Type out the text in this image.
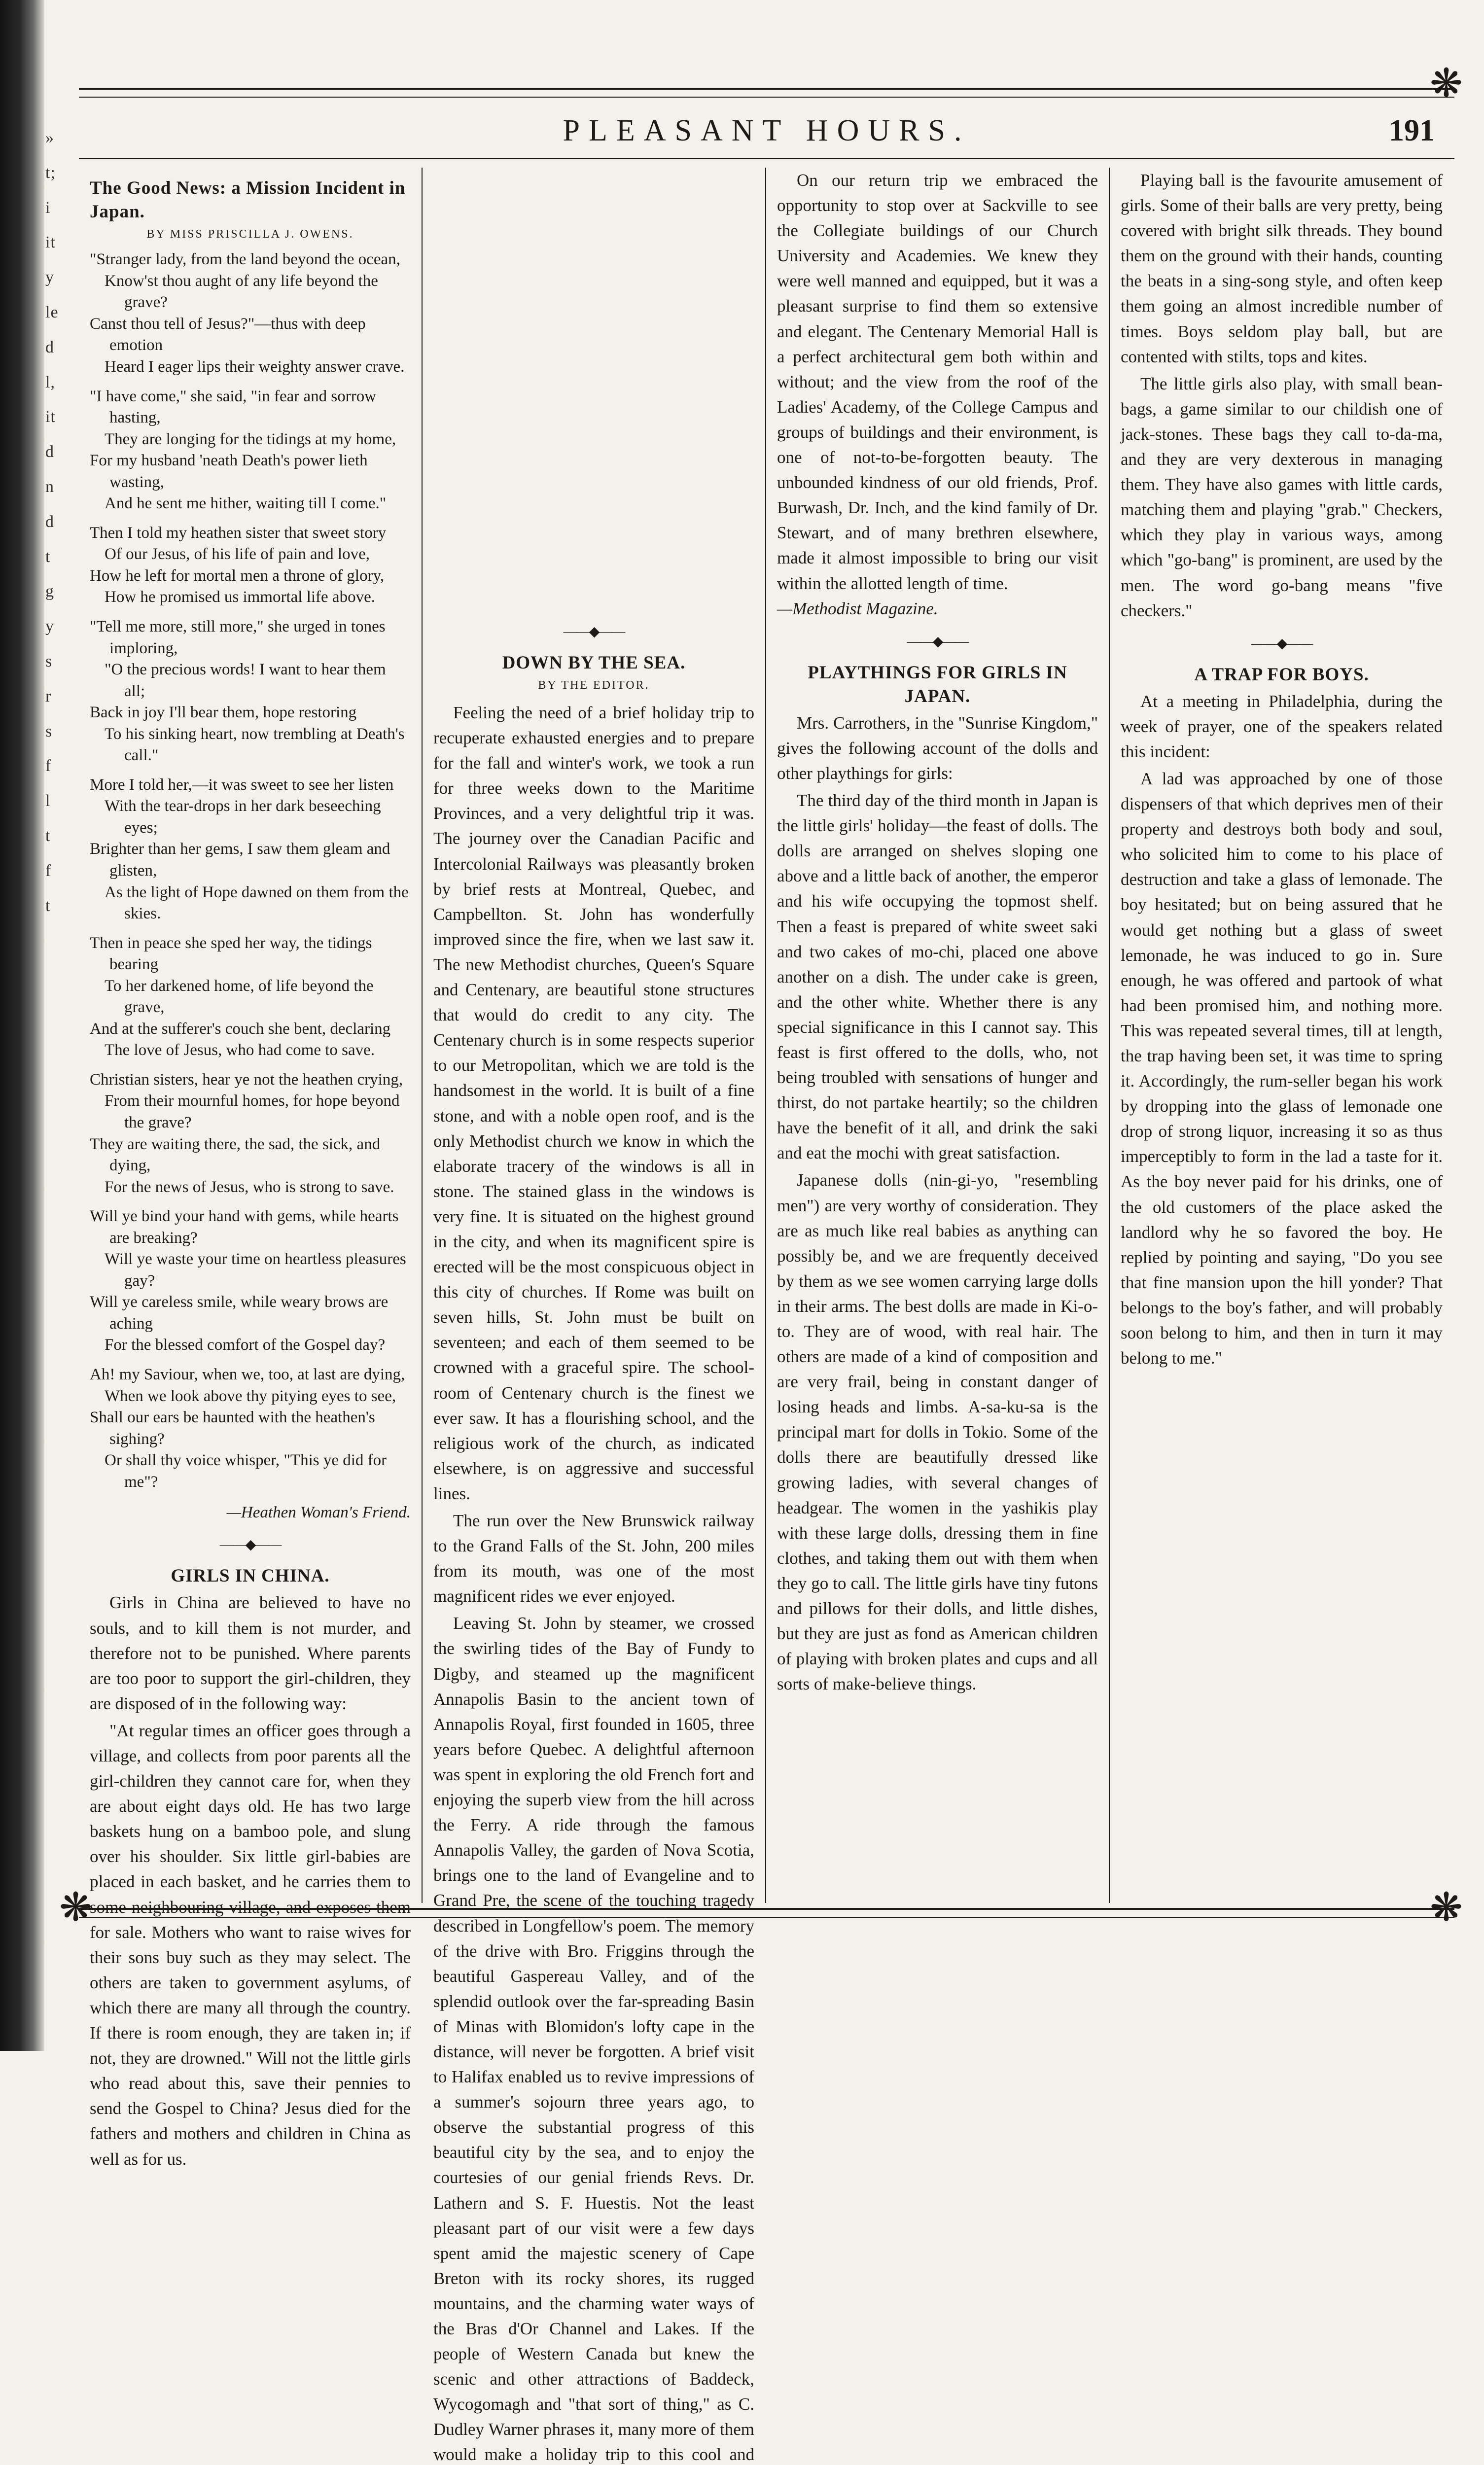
»
t;
i
it
y
le
d
l,
it
d
n
d
t
g
y
s
r
s
f
l
t
f
t
❋
PLEASANT HOURS.	191
The Good News: a Mission Incident in Japan.
BY MISS PRISCILLA J. OWENS.
"Stranger lady, from the land beyond the ocean,
Know'st thou aught of any life beyond the grave?
Canst thou tell of Jesus?"—thus with deep emotion
Heard I eager lips their weighty answer crave.
"I have come," she said, "in fear and sorrow hasting,
They are longing for the tidings at my home,
For my husband 'neath Death's power lieth wasting,
And he sent me hither, waiting till I come."
Then I told my heathen sister that sweet story
Of our Jesus, of his life of pain and love,
How he left for mortal men a throne of glory,
How he promised us immortal life above.
"Tell me more, still more," she urged in tones imploring,
"O the precious words! I want to hear them all;
Back in joy I'll bear them, hope restoring
To his sinking heart, now trembling at Death's call."
More I told her,—it was sweet to see her listen
With the tear-drops in her dark beseeching eyes;
Brighter than her gems, I saw them gleam and glisten,
As the light of Hope dawned on them from the skies.
Then in peace she sped her way, the tidings bearing
To her darkened home, of life beyond the grave,
And at the sufferer's couch she bent, declaring
The love of Jesus, who had come to save.
Christian sisters, hear ye not the heathen crying,
From their mournful homes, for hope beyond the grave?
They are waiting there, the sad, the sick, and dying,
For the news of Jesus, who is strong to save.
Will ye bind your hand with gems, while hearts are breaking?
Will ye waste your time on heartless pleasures gay?
Will ye careless smile, while weary brows are aching
For the blessed comfort of the Gospel day?
Ah! my Saviour, when we, too, at last are dying,
When we look above thy pitying eyes to see,
Shall our ears be haunted with the heathen's sighing?
Or shall thy voice whisper, "This ye did for me"?
—Heathen Woman's Friend.
——◆——
GIRLS IN CHINA.

Girls in China are believed to have no souls, and to kill them is not murder, and therefore not to be punished. Where parents are too poor to support the girl-children, they are disposed of in the following way:

"At regular times an officer goes through a village, and collects from poor parents all the girl-children they cannot care for, when they are about eight days old. He has two large baskets hung on a bamboo pole, and slung over his shoulder. Six little girl-babies are placed in each basket, and he carries them to some neighbouring village, and exposes them for sale. Mothers who want to raise wives for their sons buy such as they may select. The others are taken to government asylums, of which there are many all through the country. If there is room enough, they are taken in; if not, they are drowned." Will not the little girls who read about this, save their pennies to send the Gospel to China? Jesus died for the fathers and mothers and children in China as well as for us.

——◆——
DOWN BY THE SEA.
BY THE EDITOR.

Feeling the need of a brief holiday trip to recuperate exhausted energies and to prepare for the fall and winter's work, we took a run for three weeks down to the Maritime Provinces, and a very delightful trip it was. The journey over the Canadian Pacific and Intercolonial Railways was pleasantly broken by brief rests at Montreal, Quebec, and Campbellton. St. John has wonderfully improved since the fire, when we last saw it. The new Methodist churches, Queen's Square and Centenary, are beautiful stone structures that would do credit to any city. The Centenary church is in some respects superior to our Metropolitan, which we are told is the handsomest in the world. It is built of a fine stone, and with a noble open roof, and is the only Methodist church we know in which the elaborate tracery of the windows is all in stone. The stained glass in the windows is very fine. It is situated on the highest ground in the city, and when its magnificent spire is erected will be the most conspicuous object in this city of churches. If Rome was built on seven hills, St. John must be built on seventeen; and each of them seemed to be crowned with a graceful spire. The school-room of Centenary church is the finest we ever saw. It has a flourishing school, and the religious work of the church, as indicated elsewhere, is on aggressive and successful lines.

The run over the New Brunswick railway to the Grand Falls of the St. John, 200 miles from its mouth, was one of the most magnificent rides we ever enjoyed.

Leaving St. John by steamer, we crossed the swirling tides of the Bay of Fundy to Digby, and steamed up the magnificent Annapolis Basin to the ancient town of Annapolis Royal, first founded in 1605, three years before Quebec. A delightful afternoon was spent in exploring the old French fort and enjoying the superb view from the hill across the Ferry. A ride through the famous Annapolis Valley, the garden of Nova Scotia, brings one to the land of Evangeline and to Grand Pre, the scene of the touching tragedy described in Longfellow's poem. The memory of the drive with Bro. Friggins through the beautiful Gaspereau Valley, and of the splendid outlook over the far-spreading Basin of Minas with Blomidon's lofty cape in the distance, will never be forgotten. A brief visit to Halifax enabled us to revive impressions of a summer's sojourn three years ago, to observe the substantial progress of this beautiful city by the sea, and to enjoy the courtesies of our genial friends Revs. Dr. Lathern and S. F. Huestis. Not the least pleasant part of our visit were a few days spent amid the majestic scenery of Cape Breton with its rocky shores, its rugged mountains, and the charming water ways of the Bras d'Or Channel and Lakes. If the people of Western Canada but knew the scenic and other attractions of Baddeck, Wycogomagh and "that sort of thing," as C. Dudley Warner phrases it, many more of them would make a holiday trip to this cool and

On our return trip we embraced the opportunity to stop over at Sackville to see the Collegiate buildings of our Church University and Academies. We knew they were well manned and equipped, but it was a pleasant surprise to find them so extensive and elegant. The Centenary Memorial Hall is a perfect architectural gem both within and without; and the view from the roof of the Ladies' Academy, of the College Campus and groups of buildings and their environment, is one of not-to-be-forgotten beauty. The unbounded kindness of our old friends, Prof. Burwash, Dr. Inch, and the kind family of Dr. Stewart, and of many brethren elsewhere, made it almost impossible to bring our visit within the allotted length of time.

—Methodist Magazine.
——◆——
PLAYTHINGS FOR GIRLS IN JAPAN.

Mrs. Carrothers, in the "Sunrise Kingdom," gives the following account of the dolls and other playthings for girls:

The third day of the third month in Japan is the little girls' holiday—the feast of dolls. The dolls are arranged on shelves sloping one above and a little back of another, the emperor and his wife occupying the topmost shelf. Then a feast is prepared of white sweet saki and two cakes of mo-chi, placed one above another on a dish. The under cake is green, and the other white. Whether there is any special significance in this I cannot say. This feast is first offered to the dolls, who, not being troubled with sensations of hunger and thirst, do not partake heartily; so the children have the benefit of it all, and drink the saki and eat the mochi with great satisfaction.

Japanese dolls (nin-gi-yo, "resembling men") are very worthy of consideration. They are as much like real babies as anything can possibly be, and we are frequently deceived by them as we see women carrying large dolls in their arms. The best dolls are made in Ki-o-to. They are of wood, with real hair. The others are made of a kind of composition and are very frail, being in constant danger of losing heads and limbs. A-sa-ku-sa is the principal mart for dolls in Tokio. Some of the dolls there are beautifully dressed like growing ladies, with several changes of headgear. The women in the yashikis play with these large dolls, dressing them in fine clothes, and taking them out with them when they go to call. The little girls have tiny futons and pillows for their dolls, and little dishes, but they are just as fond as American children of playing with broken plates and cups and all sorts of make-believe things.

Playing ball is the favourite amusement of girls. Some of their balls are very pretty, being covered with bright silk threads. They bound them on the ground with their hands, counting the beats in a sing-song style, and often keep them going an almost incredible number of times. Boys seldom play ball, but are contented with stilts, tops and kites.

The little girls also play, with small bean-bags, a game similar to our childish one of jack-stones. These bags they call to-da-ma, and they are very dexterous in managing them. They have also games with little cards, matching them and playing "grab." Checkers, which they play in various ways, among which "go-bang" is prominent, are used by the men. The word go-bang means "five checkers."

——◆——
A TRAP FOR BOYS.

At a meeting in Philadelphia, during the week of prayer, one of the speakers related this incident:

A lad was approached by one of those dispensers of that which deprives men of their property and destroys both body and soul, who solicited him to come to his place of destruction and take a glass of lemonade. The boy hesitated; but on being assured that he would get nothing but a glass of sweet lemonade, he was induced to go in. Sure enough, he was offered and partook of what had been promised him, and nothing more. This was repeated several times, till at length, the trap having been set, it was time to spring it. Accordingly, the rum-seller began his work by dropping into the glass of lemonade one drop of strong liquor, increasing it so as thus imperceptibly to form in the lad a taste for it. As the boy never paid for his drinks, one of the old customers of the place asked the landlord why he so favored the boy. He replied by pointing and saying, "Do you see that fine mansion upon the hill yonder? That belongs to the boy's father, and will probably soon belong to him, and then in turn it may belong to me."

❋	❋
